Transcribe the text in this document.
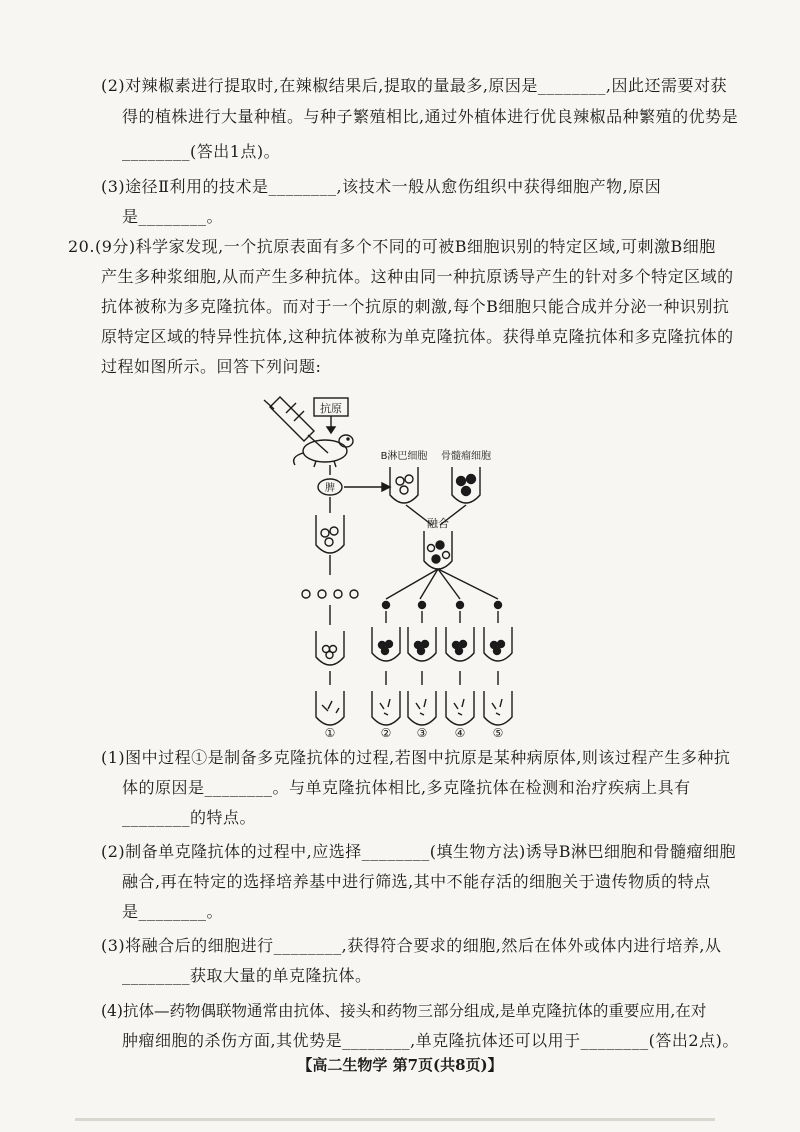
(2)对辣椒素进行提取时,在辣椒结果后,提取的量最多,原因是________,因此还需要对获
得的植株进行大量种植。与种子繁殖相比,通过外植体进行优良辣椒品种繁殖的优势是
________(答出1点)。
(3)途径Ⅱ利用的技术是________,该技术一般从愈伤组织中获得细胞产物,原因
是________。
20.(9分)科学家发现,一个抗原表面有多个不同的可被B细胞识别的特定区域,可刺激B细胞
产生多种浆细胞,从而产生多种抗体。这种由同一种抗原诱导产生的针对多个特定区域的
抗体被称为多克隆抗体。而对于一个抗原的刺激,每个B细胞只能合成并分泌一种识别抗
原特定区域的特异性抗体,这种抗体被称为单克隆抗体。获得单克隆抗体和多克隆抗体的
过程如图所示。回答下列问题:
抗原
脾
B淋巴细胞 骨髓瘤细胞
融合
①	② ③ ④ ⑤
(1)图中过程①是制备多克隆抗体的过程,若图中抗原是某种病原体,则该过程产生多种抗
体的原因是________。与单克隆抗体相比,多克隆抗体在检测和治疗疾病上具有
________的特点。
(2)制备单克隆抗体的过程中,应选择________(填生物方法)诱导B淋巴细胞和骨髓瘤细胞
融合,再在特定的选择培养基中进行筛选,其中不能存活的细胞关于遗传物质的特点
是________。
(3)将融合后的细胞进行________,获得符合要求的细胞,然后在体外或体内进行培养,从
________获取大量的单克隆抗体。
(4)抗体—药物偶联物通常由抗体、接头和药物三部分组成,是单克隆抗体的重要应用,在对
肿瘤细胞的杀伤方面,其优势是________,单克隆抗体还可以用于________(答出2点)。
【高二生物学 第7页(共8页)】
